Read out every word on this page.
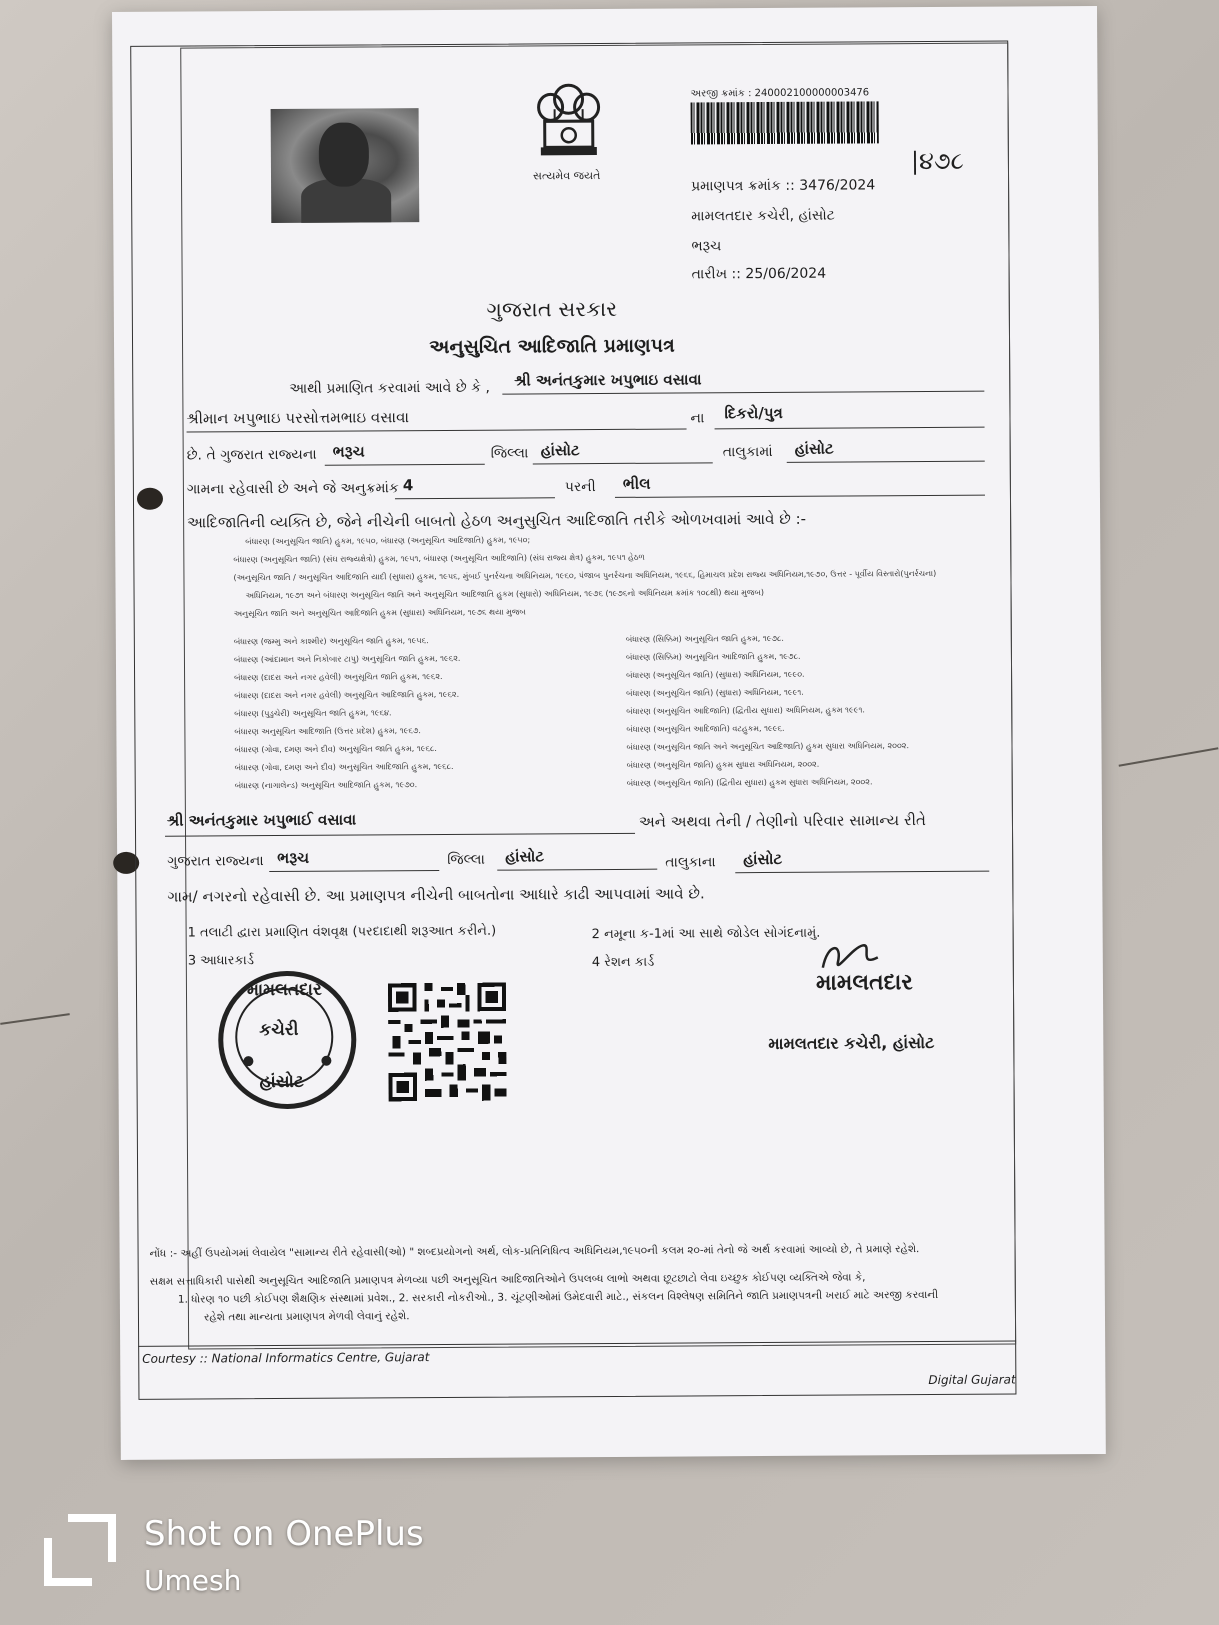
સત્યમેવ જયતે
અરજી ક્રમાંક : 240002100000003476
પ્રમાણપત્ર ક્રમાંક :: 3476/2024
|૪૭૮
મામલતદાર કચેરી, હાંસોટ
ભરૂચ
તારીખ :: 25/06/2024
ગુજરાત સરકાર
અનુસુચિત આદિજાતિ પ્રમાણપત્ર
આથી પ્રમાણિત કરવામાં આવે છે કે , શ્રી અનંતકુમાર ખપુભાઇ વસાવા
શ્રીમાન ખપુભાઇ પરસોત્તમભાઇ વસાવા	ના દિકરો/પુત્ર
છે. તે ગુજરાત રાજ્યના ભરૂચ	જિલ્લા હાંસોટ	તાલુકામાં હાંસોટ
ગામના રહેવાસી છે અને જે અનુક્રમાંક 4	પરની ભીલ
આદિજાતિની વ્યક્તિ છે, જેને નીચેની બાબતો હેઠળ અનુસુચિત આદિજાતિ તરીકે ઓળખવામાં આવે છે :-
બંધારણ (અનુસૂચિત જાતિ) હુકમ, ૧૯૫૦, બંધારણ (અનુસૂચિત આદિજાતિ) હુકમ, ૧૯૫૦;
બંધારણ (અનુસૂચિત જાતિ) (સંઘ રાજ્યક્ષેત્રો) હુકમ, ૧૯૫૧, બંધારણ (અનુસૂચિત આદિજાતિ) (સંઘ રાજ્ય ક્ષેત્ર) હુકમ, ૧૯૫૧ હેઠળ
(અનુસૂચિત જાતિ / અનુસૂચિત આદિજાતિ યાદી (સુધારા) હુકમ, ૧૯૫૬, મુંબઈ પુનર્રચના અધિનિયમ, ૧૯૬૦, પંજાબ પુનર્રચના અધિનિયમ, ૧૯૬૬, હિમાચલ પ્રદેશ રાજ્ય અધિનિયમ,૧૯૭૦, ઉત્તર - પૂર્વીય વિસ્તારો(પુનર્રચના)
અધિનિયમ, ૧૯૭૧ અને બંધારણ અનુસૂચિત જાતિ અને અનુસૂચિત આદિજાતિ હુકમ (સુધારો) અધિનિયમ, ૧૯૭૬ (૧૯૭૬નો અધિનિયમ ક્રમાંક ૧૦૮થી) થયા મુજબ)
અનુસૂચિત જાતિ અને અનુસૂચિત આદિજાતિ હુકમ (સુધારા) અધિનિયમ, ૧૯૭૬ થયા મુજબ
બંધારણ (જમ્મુ અને કાશ્મીર) અનુસૂચિત જાતિ હુકમ, ૧૯૫૬.
બંધારણ (આંદામાન અને નિકોબાર ટાપુ) અનુસૂચિત જાતિ હુકમ, ૧૯૬૨.
બંધારણ (દાદરા અને નગર હવેલી) અનુસૂચિત જાતિ હુકમ, ૧૯૬૨.
બંધારણ (દાદરા અને નગર હવેલી) અનુસૂચિત આદિજાતિ હુકમ, ૧૯૬૨.
બંધારણ (પુડુચેરી) અનુસૂચિત જાતિ હુકમ, ૧૯૬૪.
બંધારણ અનુસૂચિત આદિજાતિ (ઉત્તર પ્રદેશ) હુકમ, ૧૯૬૭.
બંધારણ (ગોવા, દમણ અને દીવ) અનુસૂચિત જાતિ હુકમ, ૧૯૬૮.
બંધારણ (ગોવા, દમણ અને દીવ) અનુસૂચિત આદિજાતિ હુકમ, ૧૯૬૮.
બંધારણ (નાગાલેન્ડ) અનુસૂચિત આદિજાતિ હુકમ, ૧૯૭૦.
બંધારણ (સિક્કિમ) અનુસૂચિત જાતિ હુકમ, ૧૯૭૮.
બંધારણ (સિક્કિમ) અનુસૂચિત આદિજાતિ હુકમ, ૧૯૭૮.
બંધારણ (અનુસૂચિત જાતિ) (સુધારા) અધિનિયમ, ૧૯૯૦.
બંધારણ (અનુસૂચિત જાતિ) (સુધારા) અધિનિયમ, ૧૯૯૧.
બંધારણ (અનુસૂચિત આદિજાતિ) (દ્વિતીય સુધારા) અધિનિયમ, હુકમ ૧૯૯૧.
બંધારણ (અનુસૂચિત આદિજાતિ) વટહુકમ, ૧૯૯૬.
બંધારણ (અનુસૂચિત જાતિ અને અનુસૂચિત આદિજાતિ) હુકમ સુધારા અધિનિયમ, ૨૦૦૨.
બંધારણ (અનુસૂચિત જાતિ) હુકમ સુધારા અધિનિયમ, ૨૦૦૨.
બંધારણ (અનુસૂચિત જાતિ) (દ્વિતીય સુધારા) હુકમ સુધારા અધિનિયમ, ૨૦૦૨.
શ્રી અનંતકુમાર ખપુભાઈ વસાવા	અને અથવા તેની / તેણીનો પરિવાર સામાન્ય રીતે
ગુજરાત રાજ્યના ભરૂચ	જિલ્લા હાંસોટ	તાલુકાના હાંસોટ
ગામ/ નગરનો રહેવાસી છે. આ પ્રમાણપત્ર નીચેની બાબતોના આધારે કાઢી આપવામાં આવે છે.
1 તલાટી દ્વારા પ્રમાણિત વંશવૃક્ષ (પરદાદાથી શરૂઆત કરીને.)	2 નમૂના ક-1માં આ સાથે જોડેલ સોગંદનામું.
3 આધારકાર્ડ	4 રેશન કાર્ડ
મામલતદાર
કચેરી
હાંસોટ
મામલતદાર
મામલતદાર કચેરી, હાંસોટ
નોંધ :- અહીં ઉપયોગમાં લેવાયેલ "સામાન્ય રીતે રહેવાસી(ઓ) " શબ્દપ્રયોગનો અર્થ, લોક-પ્રતિનિધિત્વ અધિનિયમ,૧૯૫૦ની કલમ ૨૦-માં તેનો જે અર્થ કરવામાં આવ્યો છે, તે પ્રમાણે રહેશે.
સક્ષમ સત્તાધિકારી પાસેથી અનુસૂચિત આદિજાતિ પ્રમાણપત્ર મેળવ્યા પછી અનુસૂચિત આદિજાતિઓને ઉપલબ્ધ લાભો અથવા છૂટછાટો લેવા ઇચ્છુક કોઈપણ વ્યક્તિએ જેવા કે,
1. ધોરણ ૧૦ પછી કોઈપણ શૈક્ષણિક સંસ્થામાં પ્રવેશ., 2. સરકારી નોકરીઓ., 3. ચૂંટણીઓમાં ઉમેદવારી માટે., સંકલન વિશ્લેષણ સમિતિને જાતિ પ્રમાણપત્રની ખરાઈ માટે અરજી કરવાની
રહેશે તથા માન્યતા પ્રમાણપત્ર મેળવી લેવાનું રહેશે.
Courtesy :: National Informatics Centre, Gujarat
Digital Gujarat
Shot on OnePlus
Umesh
